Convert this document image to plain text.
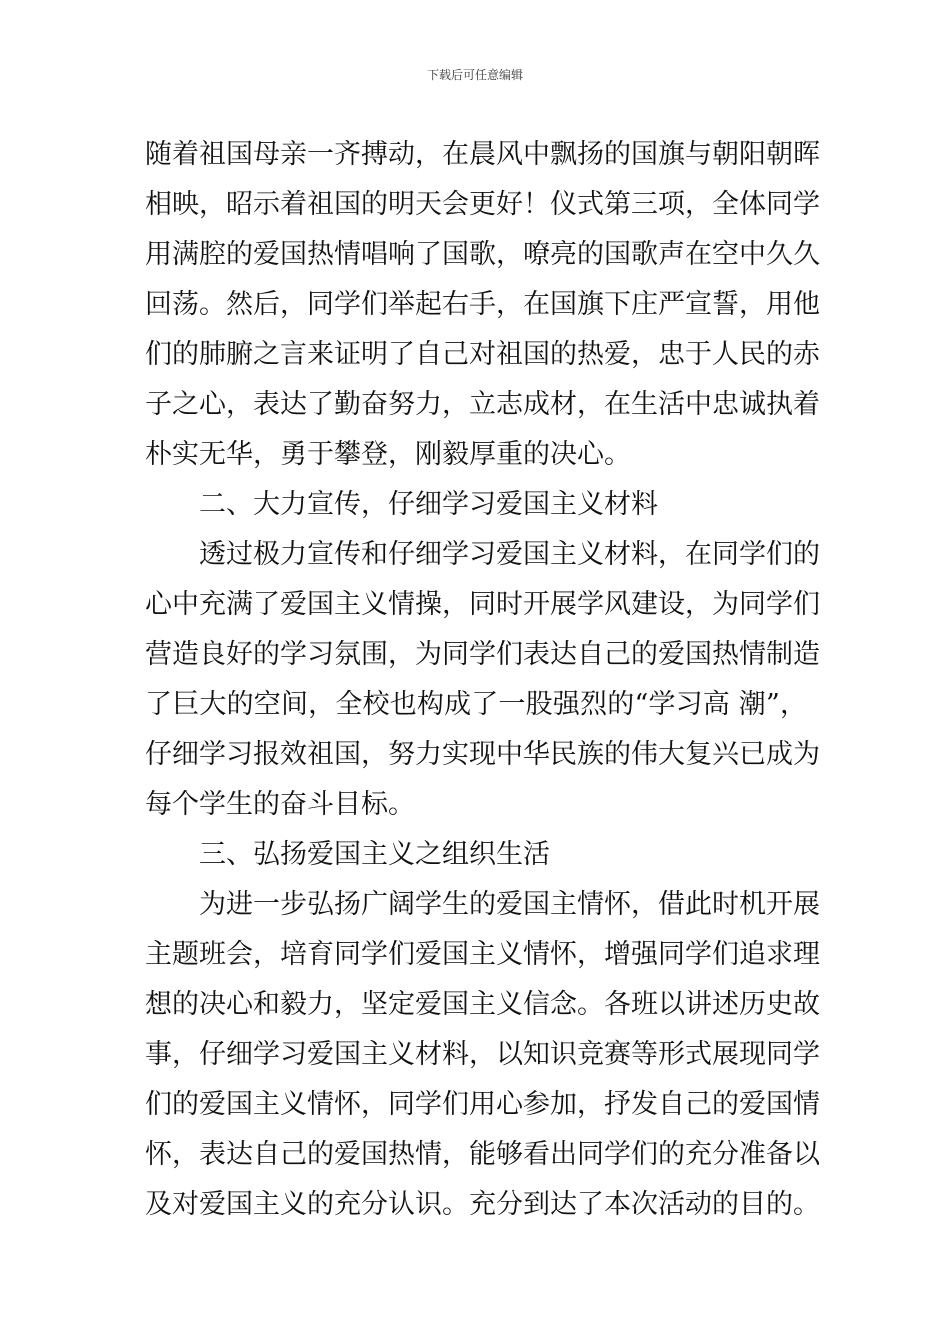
下载后可任意编辑
随着祖国母亲一齐搏动，在晨风中飘扬的国旗与朝阳朝晖
相映，昭示着祖国的明天会更好！仪式第三项，全体同学
用满腔的爱国热情唱响了国歌，嘹亮的国歌声在空中久久
回荡。然后，同学们举起右手，在国旗下庄严宣誓，用他
们的肺腑之言来证明了自己对祖国的热爱，忠于人民的赤
子之心，表达了勤奋努力，立志成材，在生活中忠诚执着
朴实无华，勇于攀登，刚毅厚重的决心。
二、大力宣传，仔细学习爱国主义材料
透过极力宣传和仔细学习爱国主义材料，在同学们的
心中充满了爱国主义情操，同时开展学风建设，为同学们
营造良好的学习氛围，为同学们表达自己的爱国热情制造
了巨大的空间，全校也构成了一股强烈的“学习高 潮”，
仔细学习报效祖国，努力实现中华民族的伟大复兴已成为
每个学生的奋斗目标。
三、弘扬爱国主义之组织生活
为进一步弘扬广阔学生的爱国主情怀，借此时机开展
主题班会，培育同学们爱国主义情怀，增强同学们追求理
想的决心和毅力，坚定爱国主义信念。各班以讲述历史故
事，仔细学习爱国主义材料，以知识竞赛等形式展现同学
们的爱国主义情怀，同学们用心参加，抒发自己的爱国情
怀，表达自己的爱国热情，能够看出同学们的充分准备以
及对爱国主义的充分认识。充分到达了本次活动的目的。
